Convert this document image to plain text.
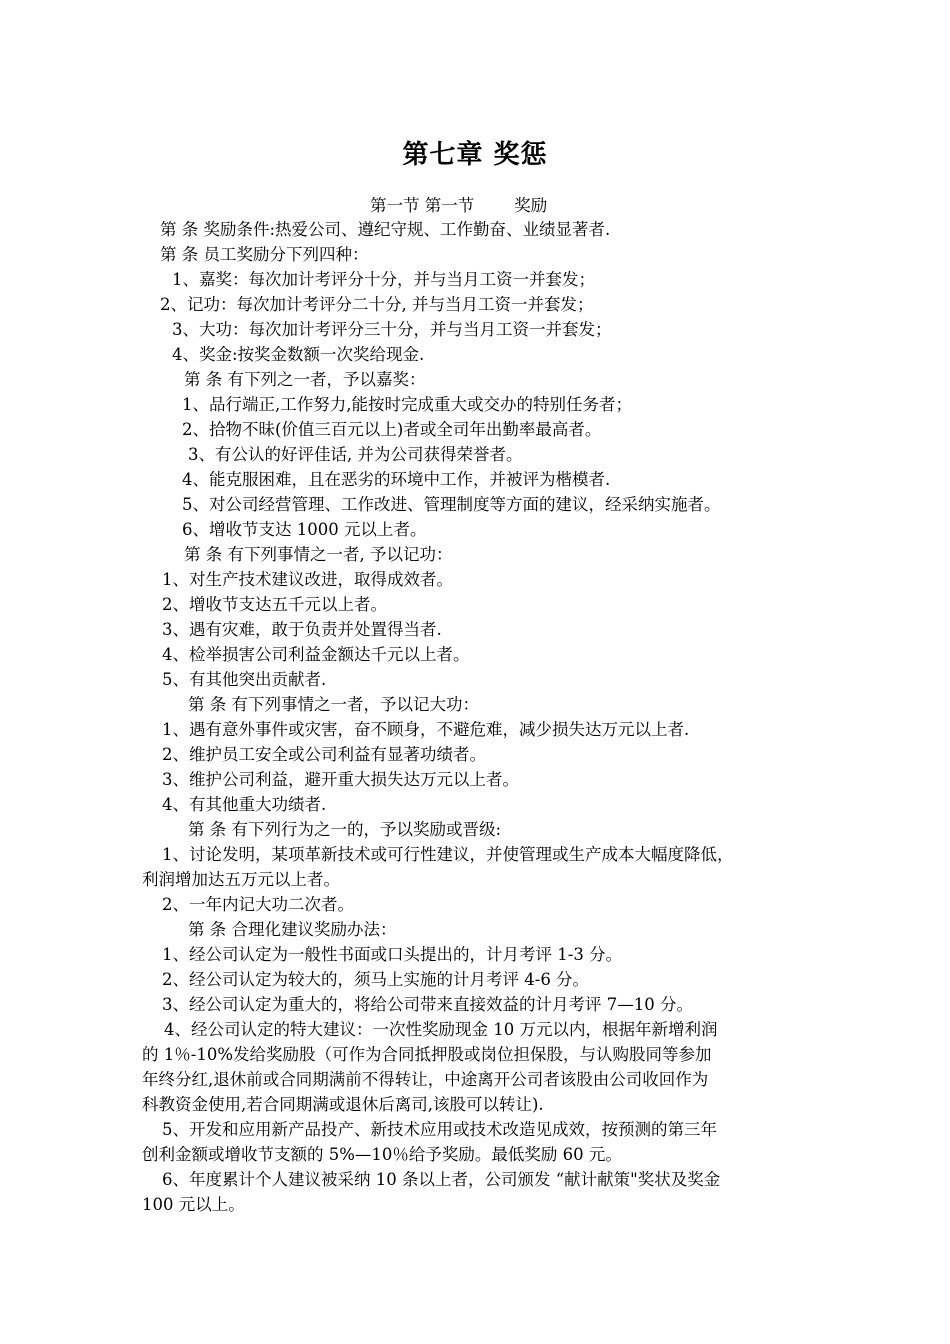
第七章 奖惩
第一节 第一节 奖励
第 条 奖励条件:热爱公司、遵纪守规、工作勤奋、业绩显著者.
第 条 员工奖励分下列四种：
1、嘉奖：每次加计考评分十分，并与当月工资一并套发；
2、记功：每次加计考评分二十分, 并与当月工资一并套发；
3、大功：每次加计考评分三十分，并与当月工资一并套发；
4、奖金:按奖金数额一次奖给现金.
第 条 有下列之一者，予以嘉奖：
1、品行端正,工作努力,能按时完成重大或交办的特别任务者；
2、拾物不昧(价值三百元以上)者或全司年出勤率最高者。
3、有公认的好评佳话, 并为公司获得荣誉者。
4、能克服困难，且在恶劣的环境中工作，并被评为楷模者.
5、对公司经营管理、工作改进、管理制度等方面的建议，经采纳实施者。
6、增收节支达 1000 元以上者。
第 条 有下列事情之一者, 予以记功：
1、对生产技术建议改进，取得成效者。
2、增收节支达五千元以上者。
3、遇有灾难，敢于负责并处置得当者.
4、检举损害公司利益金额达千元以上者。
5、有其他突出贡献者.
第 条 有下列事情之一者，予以记大功：
1、遇有意外事件或灾害，奋不顾身，不避危难，减少损失达万元以上者.
2、维护员工安全或公司利益有显著功绩者。
3、维护公司利益，避开重大损失达万元以上者。
4、有其他重大功绩者.
第 条 有下列行为之一的，予以奖励或晋级:
1、讨论发明，某项革新技术或可行性建议，并使管理或生产成本大幅度降低，
利润增加达五万元以上者。
2、一年内记大功二次者。
第 条 合理化建议奖励办法：
1、经公司认定为一般性书面或口头提出的，计月考评 1-3 分。
2、经公司认定为较大的，须马上实施的计月考评 4-6 分。
3、经公司认定为重大的，将给公司带来直接效益的计月考评 7—10 分。
4、经公司认定的特大建议：一次性奖励现金 10 万元以内，根据年新增利润
的 1％-10%发给奖励股（可作为合同抵押股或岗位担保股，与认购股同等参加
年终分红,退休前或合同期满前不得转让，中途离开公司者该股由公司收回作为
科教资金使用,若合同期满或退休后离司,该股可以转让).
5、开发和应用新产品投产、新技术应用或技术改造见成效，按预测的第三年
创利金额或增收节支额的 5%—10％给予奖励。最低奖励 60 元。
6、年度累计个人建议被采纳 10 条以上者，公司颁发 “献计献策"奖状及奖金
100 元以上。
